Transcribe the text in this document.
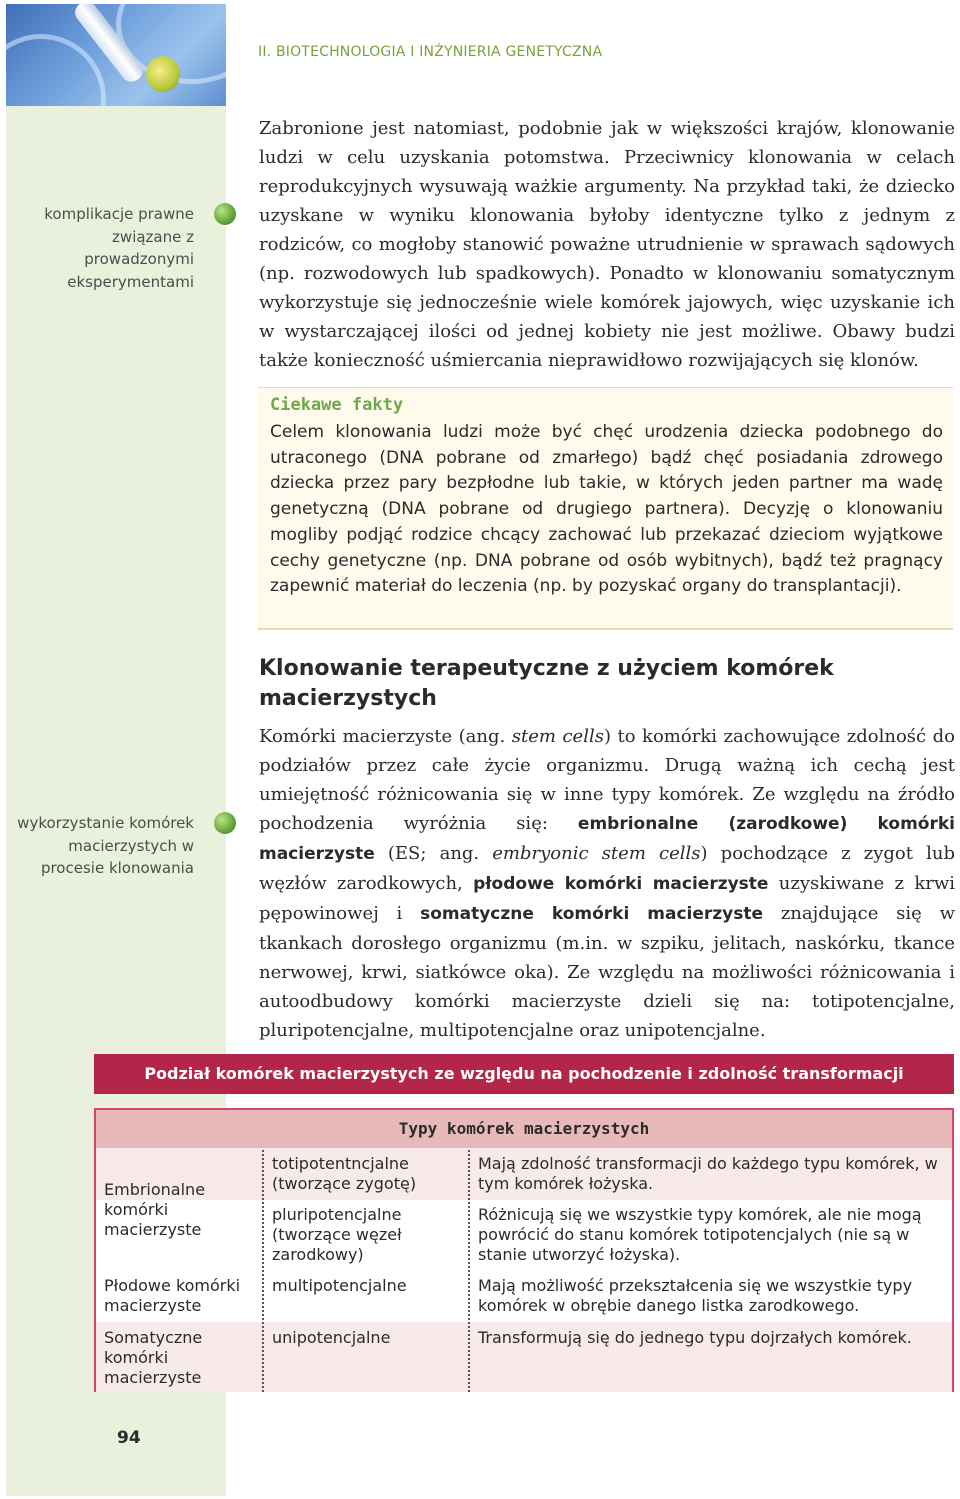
II. BIOTECHNOLOGIA I INŻYNIERIA GENETYCZNA
komplikacje prawne związane z prowadzonymi eksperymentami
Zabronione jest natomiast, podobnie jak w większości krajów, klonowanie ludzi w celu uzyskania potomstwa. Przeciwnicy klonowania w celach reprodukcyjnych wysuwają ważkie argumenty. Na przykład taki, że dziecko uzyskane w wyniku klonowania byłoby identyczne tylko z jednym z rodziców, co mogłoby stanowić poważne utrudnienie w sprawach sądowych (np. rozwodowych lub spadkowych). Ponadto w klonowaniu somatycznym wykorzystuje się jednocześnie wiele komórek jajowych, więc uzyskanie ich w wystarczającej ilości od jednej kobiety nie jest możliwe. Obawy budzi także konieczność uśmiercania nieprawidłowo rozwijających się klonów.
Ciekawe fakty
Celem klonowania ludzi może być chęć urodzenia dziecka podobnego do utraconego (DNA pobrane od zmarłego) bądź chęć posiadania zdrowego dziecka przez pary bezpłodne lub takie, w których jeden partner ma wadę genetyczną (DNA pobrane od drugiego partnera). Decyzję o klonowaniu mogliby podjąć rodzice chcący zachować lub przekazać dzieciom wyjątkowe cechy genetyczne (np. DNA pobrane od osób wybitnych), bądź też pragnący zapewnić materiał do leczenia (np. by pozyskać organy do transplantacji).
Klonowanie terapeutyczne z użyciem komórek macierzystych
wykorzystanie komórek macierzystych w procesie klonowania
Komórki macierzyste (ang. stem cells) to komórki zachowujące zdolność do podziałów przez całe życie organizmu. Drugą ważną ich cechą jest umiejętność różnicowania się w inne typy komórek. Ze względu na źródło pochodzenia wyróżnia się: embrionalne (zarodkowe) komórki macierzyste (ES; ang. embryonic stem cells) pochodzące z zygot lub węzłów zarodkowych, płodowe komórki macierzyste uzyskiwane z krwi pępowinowej i somatyczne komórki macierzyste znajdujące się w tkankach dorosłego organizmu (m.in. w szpiku, jelitach, naskórku, tkance nerwowej, krwi, siatkówce oka). Ze względu na możliwości różnicowania i autoodbudowy komórki macierzyste dzieli się na: totipotencjalne, pluripotencjalne, multipotencjalne oraz unipotencjalne.
Podział komórek macierzystych ze względu na pochodzenie i zdolność transformacji
Typy komórek macierzystych
Embrionalne komórki macierzyste
Płodowe komórki macierzyste
Somatyczne komórki macierzyste
totipotentncjalne (tworzące zygotę)
pluripotencjalne (tworzące węzeł zarodkowy)
multipotencjalne
unipotencjalne
Mają zdolność transformacji do każdego typu komórek, w tym komórek łożyska.
Różnicują się we wszystkie typy komórek, ale nie mogą powrócić do stanu komórek totipotencjalych (nie są w stanie utworzyć łożyska).
Mają możliwość przekształcenia się we wszystkie typy komórek w obrębie danego listka zarodkowego.
Transformują się do jednego typu dojrzałych komórek.
94
